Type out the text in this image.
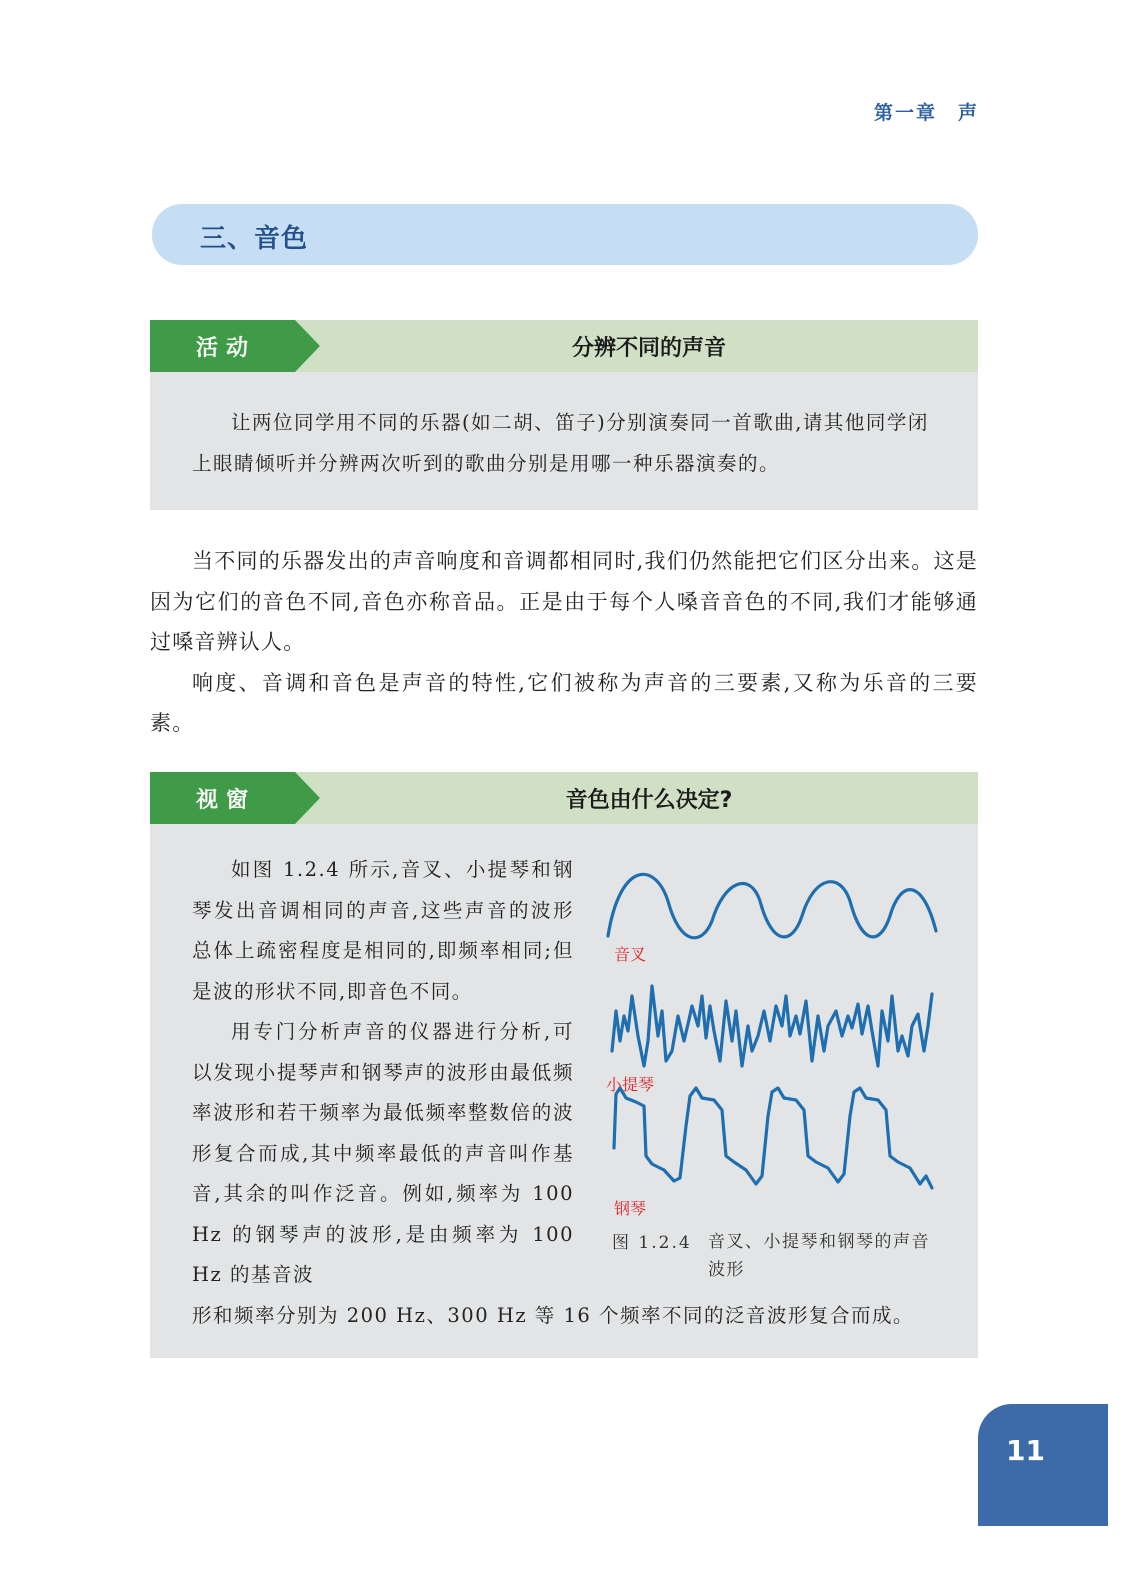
第一章　声
三、音色
活动	分辨不同的声音

让两位同学用不同的乐器(如二胡、笛子)分别演奏同一首歌曲,请其他同学闭上眼睛倾听并分辨两次听到的歌曲分别是用哪一种乐器演奏的。

当不同的乐器发出的声音响度和音调都相同时,我们仍然能把它们区分出来。这是因为它们的音色不同,音色亦称音品。正是由于每个人嗓音音色的不同,我们才能够通过嗓音辨认人。

响度、音调和音色是声音的特性,它们被称为声音的三要素,又称为乐音的三要素。

视窗	音色由什么决定?

如图 1.2.4 所示,音叉、小提琴和钢琴发出音调相同的声音,这些声音的波形总体上疏密程度是相同的,即频率相同;但是波的形状不同,即音色不同。

用专门分析声音的仪器进行分析,可以发现小提琴声和钢琴声的波形由最低频率波形和若干频率为最低频率整数倍的波形复合而成,其中频率最低的声音叫作基音,其余的叫作泛音。例如,频率为 100 Hz 的钢琴声的波形,是由频率为 100 Hz 的基音波

形和频率分别为 200 Hz、300 Hz 等 16 个频率不同的泛音波形复合而成。
音叉
小提琴
钢琴
图 1.2.4 音叉、小提琴和钢琴的声音波形
11
